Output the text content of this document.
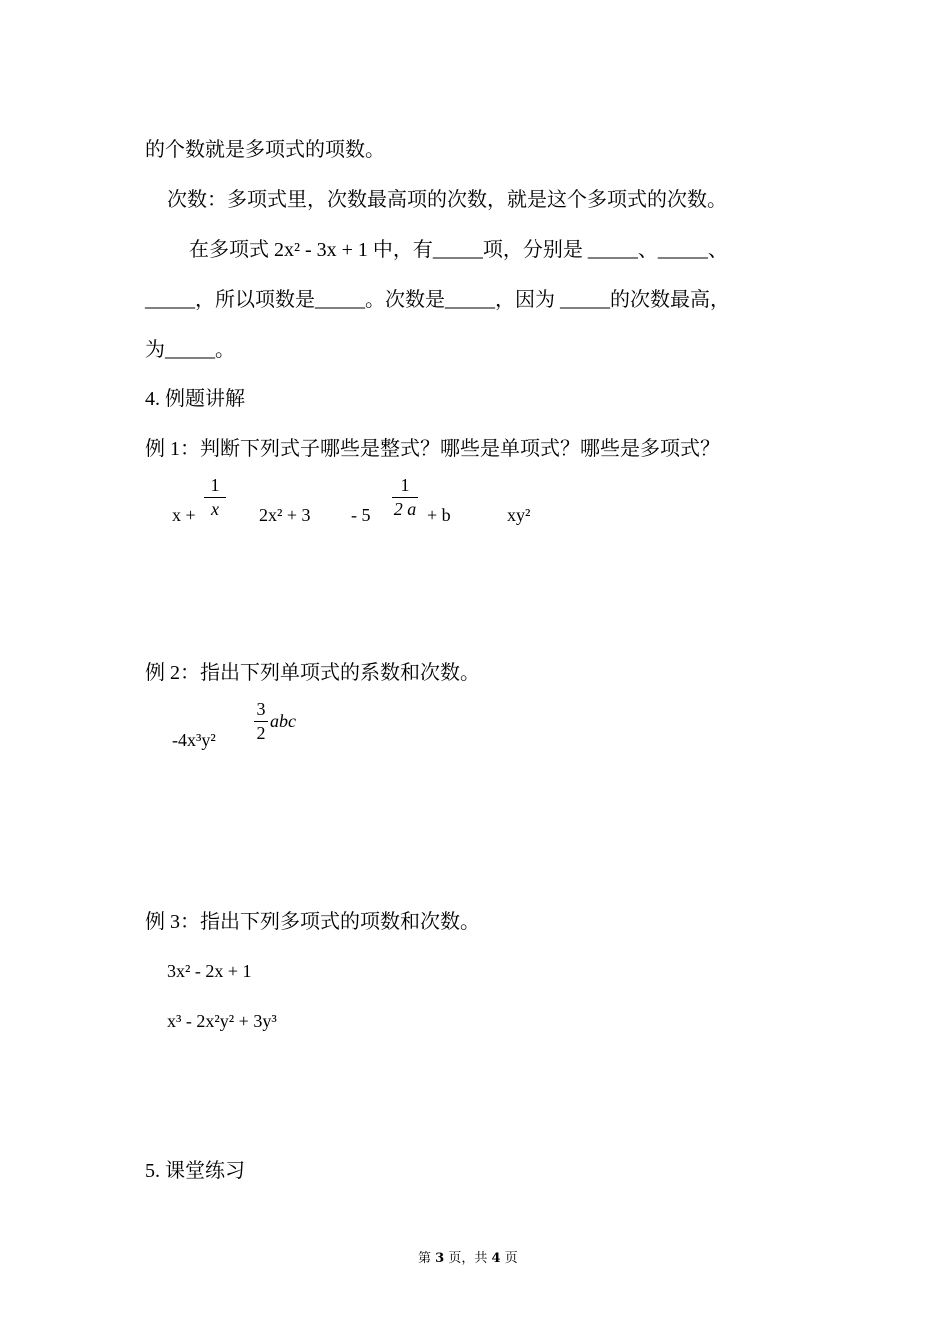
的个数就是多项式的项数。
次数：多项式里，次数最高项的次数，就是这个多项式的次数。
在多项式 2x² - 3x + 1 中，有_____项，分别是 _____、_____、
_____，所以项数是_____。次数是_____，因为 _____的次数最高，
为_____。
4. 例题讲解
例 1：判断下列式子哪些是整式？哪些是单项式？哪些是多项式？
x +
1
x 2x² + 3 - 5
1
2 a + b	xy²
例 2：指出下列单项式的系数和次数。
-4x³y²
3
2
abc
例 3：指出下列多项式的项数和次数。
3x² - 2x + 1
x³ - 2x²y² + 3y³
5. 课堂练习
第 3 页，共 4 页
